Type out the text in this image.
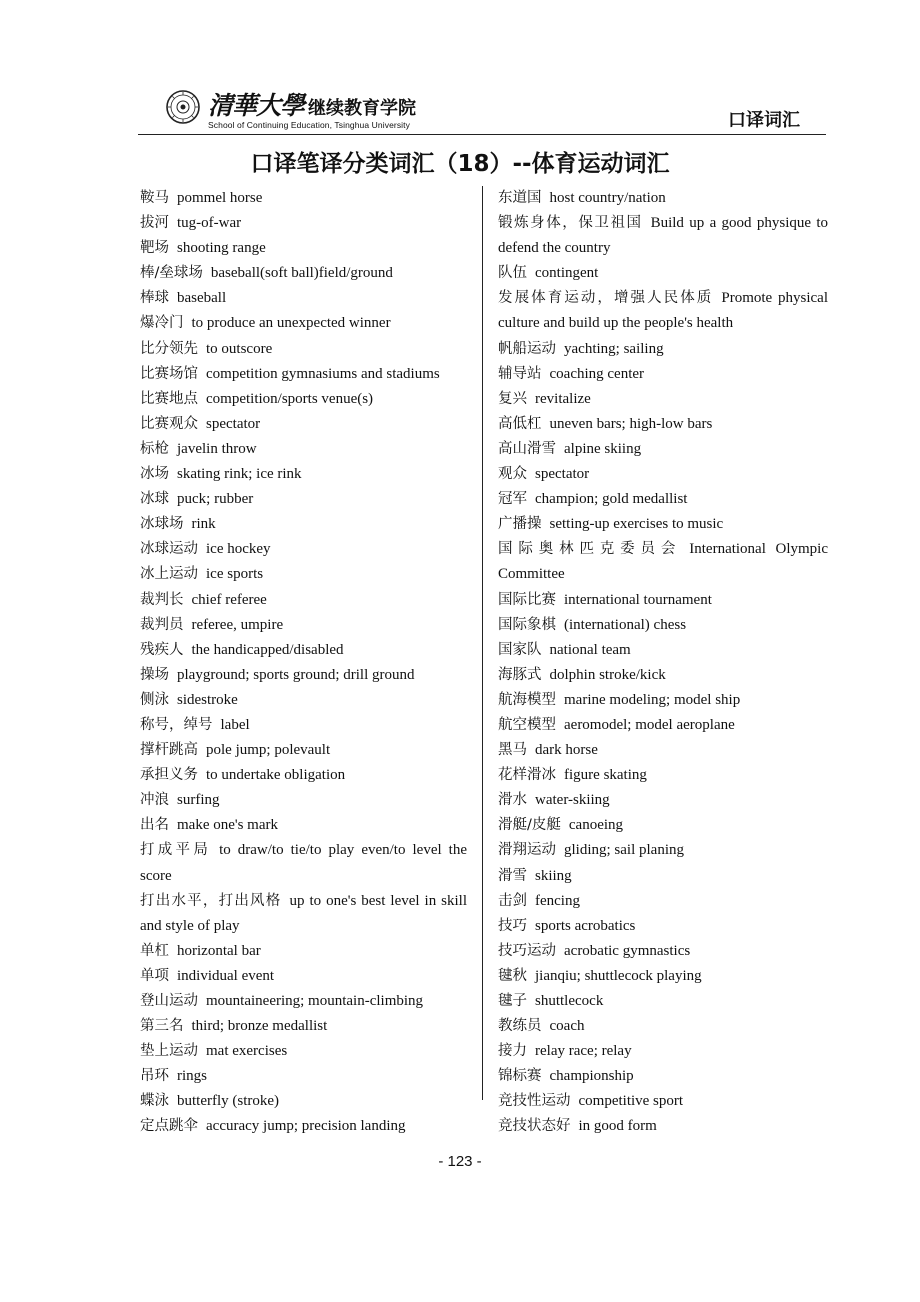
清華大學 继续教育学院
School of Continuing Education, Tsinghua University	口译词汇
口译笔译分类词汇（18）--体育运动词汇
鞍马 pommel horse
拔河 tug-of-war
靶场 shooting range
棒/垒球场 baseball(soft ball)field/ground
棒球 baseball
爆冷门 to produce an unexpected winner
比分领先 to outscore
比赛场馆 competition gymnasiums and stadiums
比赛地点 competition/sports venue(s)
比赛观众 spectator
标枪 javelin throw
冰场 skating rink; ice rink
冰球 puck; rubber
冰球场 rink
冰球运动 ice hockey
冰上运动 ice sports
裁判长 chief referee
裁判员 referee, umpire
残疾人 the handicapped/disabled
操场 playground; sports ground; drill ground
侧泳 sidestroke
称号，绰号 label
撑杆跳高 pole jump; polevault
承担义务 to undertake obligation
冲浪 surfing
出名 make one's mark
打成平局 to draw/to tie/to play even/to level the score
打出水平，打出风格 up to one's best level in skill and style of play
单杠 horizontal bar
单项 individual event
登山运动 mountaineering; mountain-climbing
第三名 third; bronze medallist
垫上运动 mat exercises
吊环 rings
蝶泳 butterfly (stroke)
定点跳伞 accuracy jump; precision landing
东道国 host country/nation
锻炼身体，保卫祖国 Build up a good physique to defend the country
队伍 contingent
发展体育运动，增强人民体质 Promote physical culture and build up the people's health
帆船运动 yachting; sailing
辅导站 coaching center
复兴 revitalize
高低杠 uneven bars; high-low bars
高山滑雪 alpine skiing
观众 spectator
冠军 champion; gold medallist
广播操 setting-up exercises to music
国际奥林匹克委员会 International Olympic Committee
国际比赛 international tournament
国际象棋 (international) chess
国家队 national team
海豚式 dolphin stroke/kick
航海模型 marine modeling; model ship
航空模型 aeromodel; model aeroplane
黑马 dark horse
花样滑冰 figure skating
滑水 water-skiing
滑艇/皮艇 canoeing
滑翔运动 gliding; sail planing
滑雪 skiing
击剑 fencing
技巧 sports acrobatics
技巧运动 acrobatic gymnastics
毽秋 jianqiu; shuttlecock playing
毽子 shuttlecock
教练员 coach
接力 relay race; relay
锦标赛 championship
竞技性运动 competitive sport
竞技状态好 in good form
- 123 -
